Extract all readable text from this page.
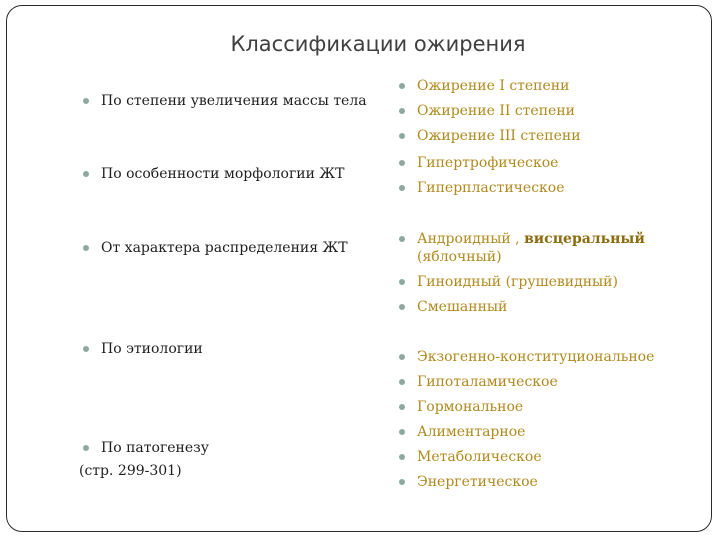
Классификации ожирения
По степени увеличения массы тела
По особенности морфологии ЖТ
От характера распределения ЖТ
По этиологии
По патогенезу
(стр. 299-301)
Ожирение I степени
Ожирение II степени
Ожирение III степени
Гипертрофическое
Гиперпластическое
Андроидный , висцеральный
(яблочный)
Гиноидный (грушевидный)
Смешанный
Экзогенно-конституциональное
Гипоталамическое
Гормональное
Алиментарное
Метаболическое
Энергетическое
